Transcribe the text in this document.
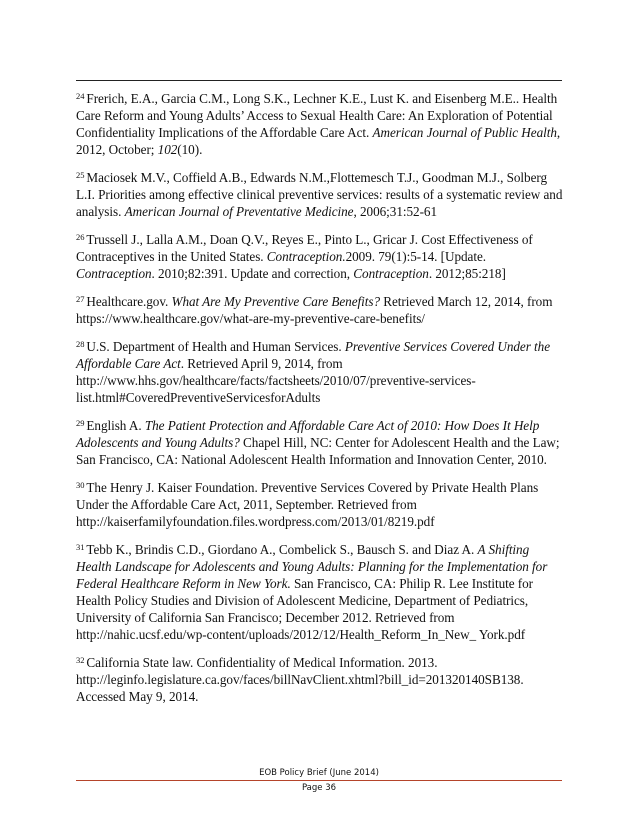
$^{24}$ Frerich, E.A., Garcia C.M., Long S.K., Lechner K.E., Lust K. and Eisenberg M.E.. Health Care Reform and Young Adults’ Access to Sexual Health Care: An Exploration of Potential Confidentiality Implications of the Affordable Care Act. American Journal of Public Health, 2012, October; 102(10).

$^{25}$ Maciosek M.V., Coffield A.B., Edwards N.M.,Flottemesch T.J., Goodman M.J., Solberg L.I. Priorities among effective clinical preventive services: results of a systematic review and analysis. American Journal of Preventative Medicine, 2006;31:52-61

$^{26}$ Trussell J., Lalla A.M., Doan Q.V., Reyes E., Pinto L., Gricar J. Cost Effectiveness of Contraceptives in the United States. Contraception.2009. 79(1):5-14. [Update. Contraception. 2010;82:391. Update and correction, Contraception. 2012;85:218]

$^{27}$ Healthcare.gov. What Are My Preventive Care Benefits? Retrieved March 12, 2014, from https://www.healthcare.gov/what-are-my-preventive-care-benefits/

$^{28}$ U.S. Department of Health and Human Services. Preventive Services Covered Under the Affordable Care Act. Retrieved April 9, 2014, from http://www.hhs.gov/healthcare/facts/factsheets/2010/07/preventive-services-list.html#CoveredPreventiveServicesforAdults

$^{29}$ English A. The Patient Protection and Affordable Care Act of 2010: How Does It Help Adolescents and Young Adults? Chapel Hill, NC: Center for Adolescent Health and the Law; San Francisco, CA: National Adolescent Health Information and Innovation Center, 2010.

$^{30}$ The Henry J. Kaiser Foundation. Preventive Services Covered by Private Health Plans Under the Affordable Care Act, 2011, September. Retrieved from http://kaiserfamilyfoundation.files.wordpress.com/2013/01/8219.pdf

$^{31}$ Tebb K., Brindis C.D., Giordano A., Combelick S., Bausch S. and Diaz A. A Shifting Health Landscape for Adolescents and Young Adults: Planning for the Implementation for Federal Healthcare Reform in New York. San Francisco, CA: Philip R. Lee Institute for Health Policy Studies and Division of Adolescent Medicine, Department of Pediatrics, University of California San Francisco; December 2012. Retrieved from http://nahic.ucsf.edu/wp-content/uploads/2012/12/Health_Reform_In_New_ York.pdf

$^{32}$ California State law. Confidentiality of Medical Information. 2013. http://leginfo.legislature.ca.gov/faces/billNavClient.xhtml?bill_id=201320140SB138. Accessed May 9, 2014.

EOB Policy Brief (June 2014)
Page 36
